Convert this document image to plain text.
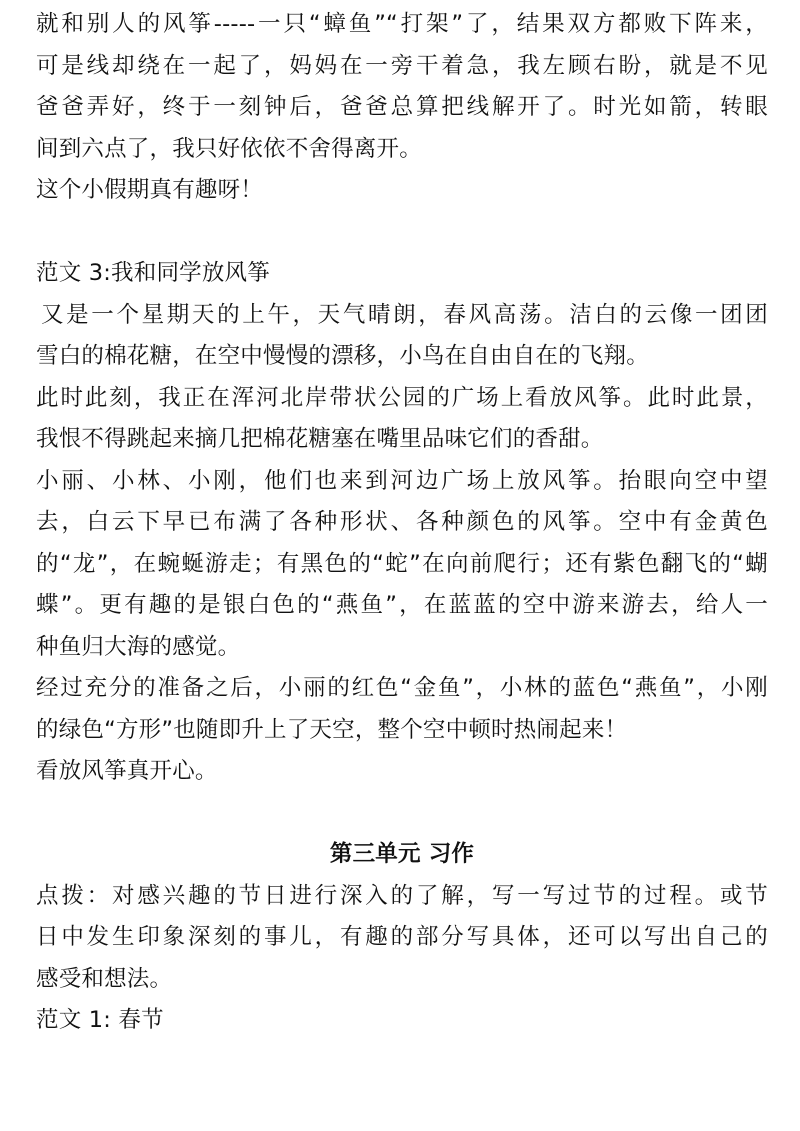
就和别人的风筝-----一只“蟑鱼”“打架”了，结果双方都败下阵来，
可是线却绕在一起了，妈妈在一旁干着急，我左顾右盼，就是不见
爸爸弄好，终于一刻钟后，爸爸总算把线解开了。时光如箭，转眼
间到六点了，我只好依依不舍得离开。
这个小假期真有趣呀！
范文 3:我和同学放风筝
又是一个星期天的上午，天气晴朗，春风高荡。洁白的云像一团团
雪白的棉花糖，在空中慢慢的漂移，小鸟在自由自在的飞翔。
此时此刻，我正在浑河北岸带状公园的广场上看放风筝。此时此景，
我恨不得跳起来摘几把棉花糖塞在嘴里品味它们的香甜。
小丽、小林、小刚，他们也来到河边广场上放风筝。抬眼向空中望
去，白云下早已布满了各种形状、各种颜色的风筝。空中有金黄色
的“龙”，在蜿蜒游走；有黑色的“蛇”在向前爬行；还有紫色翻飞的“蝴
蝶”。更有趣的是银白色的“燕鱼”，在蓝蓝的空中游来游去，给人一
种鱼归大海的感觉。
经过充分的准备之后，小丽的红色“金鱼”，小林的蓝色“燕鱼”，小刚
的绿色“方形”也随即升上了天空，整个空中顿时热闹起来！
看放风筝真开心。
第三单元 习作
点拨：对感兴趣的节日进行深入的了解，写一写过节的过程。或节
日中发生印象深刻的事儿，有趣的部分写具体，还可以写出自己的
感受和想法。
范文 1: 春节
